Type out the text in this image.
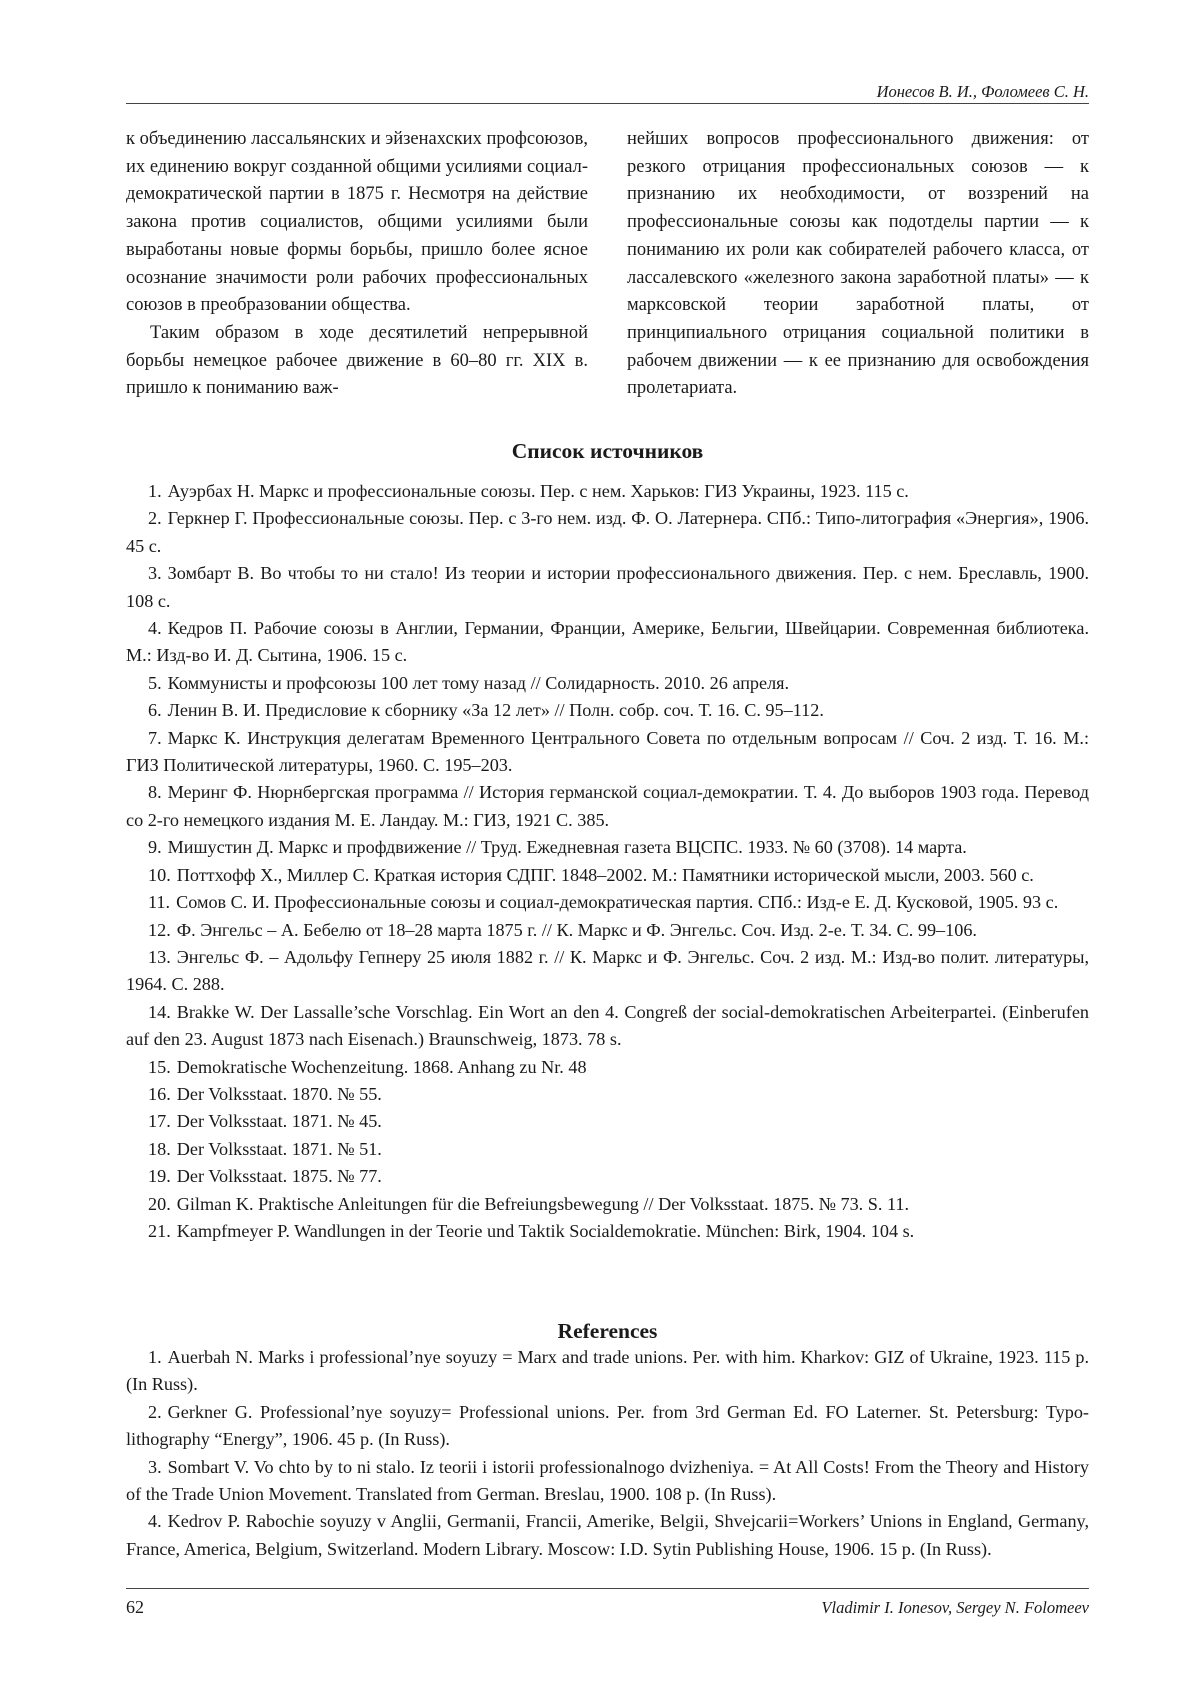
Ионесов В. И., Фоломеев С. Н.

к объединению лассальянских и эйзенахских профсоюзов, их единению вокруг созданной общими усилиями социал-демократической партии в 1875 г. Несмотря на действие закона против социалистов, общими усилиями были выработаны новые формы борьбы, пришло более ясное осознание значимости роли рабочих профессиональных союзов в преобразовании общества.

Таким образом в ходе десятилетий непрерывной борьбы немецкое рабочее движение в 60–80 гг. XIX в. пришло к пониманию важ-

нейших вопросов профессионального движения: от резкого отрицания профессиональных союзов — к признанию их необходимости, от воззрений на профессиональные союзы как подотделы партии — к пониманию их роли как собирателей рабочего класса, от лассалевского «железного закона заработной платы» — к марксовской теории заработной платы, от принципиального отрицания социальной политики в рабочем движении — к ее признанию для освобождения пролетариата.

Список источников
1. Ауэрбах Н. Маркс и профессиональные союзы. Пер. с нем. Харьков: ГИЗ Украины, 1923. 115 с.
2. Геркнер Г. Профессиональные союзы. Пер. с 3-го нем. изд. Ф. О. Латернера. СПб.: Типо-литография «Энергия», 1906. 45 с.
3. Зомбарт В. Во чтобы то ни стало! Из теории и истории профессионального движения. Пер. с нем. Бреславль, 1900. 108 с.
4. Кедров П. Рабочие союзы в Англии, Германии, Франции, Америке, Бельгии, Швейцарии. Современная библиотека. М.: Изд-во И. Д. Сытина, 1906. 15 с.
5. Коммунисты и профсоюзы 100 лет тому назад // Солидарность. 2010. 26 апреля.
6. Ленин В. И. Предисловие к сборнику «За 12 лет» // Полн. собр. соч. Т. 16. С. 95–112.
7. Маркс К. Инструкция делегатам Временного Центрального Совета по отдельным вопросам // Соч. 2 изд. Т. 16. М.: ГИЗ Политической литературы, 1960. С. 195–203.
8. Меринг Ф. Нюрнбергская программа // История германской социал-демократии. Т. 4. До выборов 1903 года. Перевод со 2-го немецкого издания М. Е. Ландау. М.: ГИЗ, 1921 С. 385.
9. Мишустин Д. Маркс и профдвижение // Труд. Ежедневная газета ВЦСПС. 1933. № 60 (3708). 14 марта.
10. Поттхофф Х., Миллер С. Краткая история СДПГ. 1848–2002. М.: Памятники исторической мысли, 2003. 560 с.
11. Сомов С. И. Профессиональные союзы и социал-демократическая партия. СПб.: Изд-е Е. Д. Кусковой, 1905. 93 с.
12. Ф. Энгельс – А. Бебелю от 18–28 марта 1875 г. // К. Маркс и Ф. Энгельс. Соч. Изд. 2-е. Т. 34. С. 99–106.
13. Энгельс Ф. – Адольфу Гепнеру 25 июля 1882 г. // К. Маркс и Ф. Энгельс. Соч. 2 изд. М.: Изд-во полит. литературы, 1964. С. 288.
14. Brakke W. Der Lassalle’sche Vorschlag. Ein Wort an den 4. Congreß der social-demokratischen Arbeiterpartei. (Einberufen auf den 23. August 1873 nach Eisenach.) Braunschweig, 1873. 78 s.
15. Demokratische Wochenzeitung. 1868. Anhang zu Nr. 48
16. Der Volksstaat. 1870. № 55.
17. Der Volksstaat. 1871. № 45.
18. Der Volksstaat. 1871. № 51.
19. Der Volksstaat. 1875. № 77.
20. Gilman K. Praktische Anleitungen für die Befreiungsbewegung // Der Volksstaat. 1875. № 73. S. 11.
21. Kampfmeyer P. Wandlungen in der Teorie und Taktik Socialdemokratie. München: Birk, 1904. 104 s.
References
1. Auerbah N. Marks i professional’nye soyuzy = Marx and trade unions. Per. with him. Kharkov: GIZ of Ukraine, 1923. 115 p. (In Russ).
2. Gerkner G. Professional’nye soyuzy= Professional unions. Per. from 3rd German Ed. FO Laterner. St. Petersburg: Typo-lithography “Energy”, 1906. 45 p. (In Russ).
3. Sombart V. Vo chto by to ni stalo. Iz teorii i istorii professionalnogo dvizheniya. = At All Costs! From the Theory and History of the Trade Union Movement. Translated from German. Breslau, 1900. 108 p. (In Russ).
4. Kedrov P. Rabochie soyuzy v Anglii, Germanii, Francii, Amerike, Belgii, Shvejcarii=Workers’ Unions in England, Germany, France, America, Belgium, Switzerland. Modern Library. Moscow: I.D. Sytin Publishing House, 1906. 15 p. (In Russ).
62	Vladimir I. Ionesov, Sergey N. Folomeev
